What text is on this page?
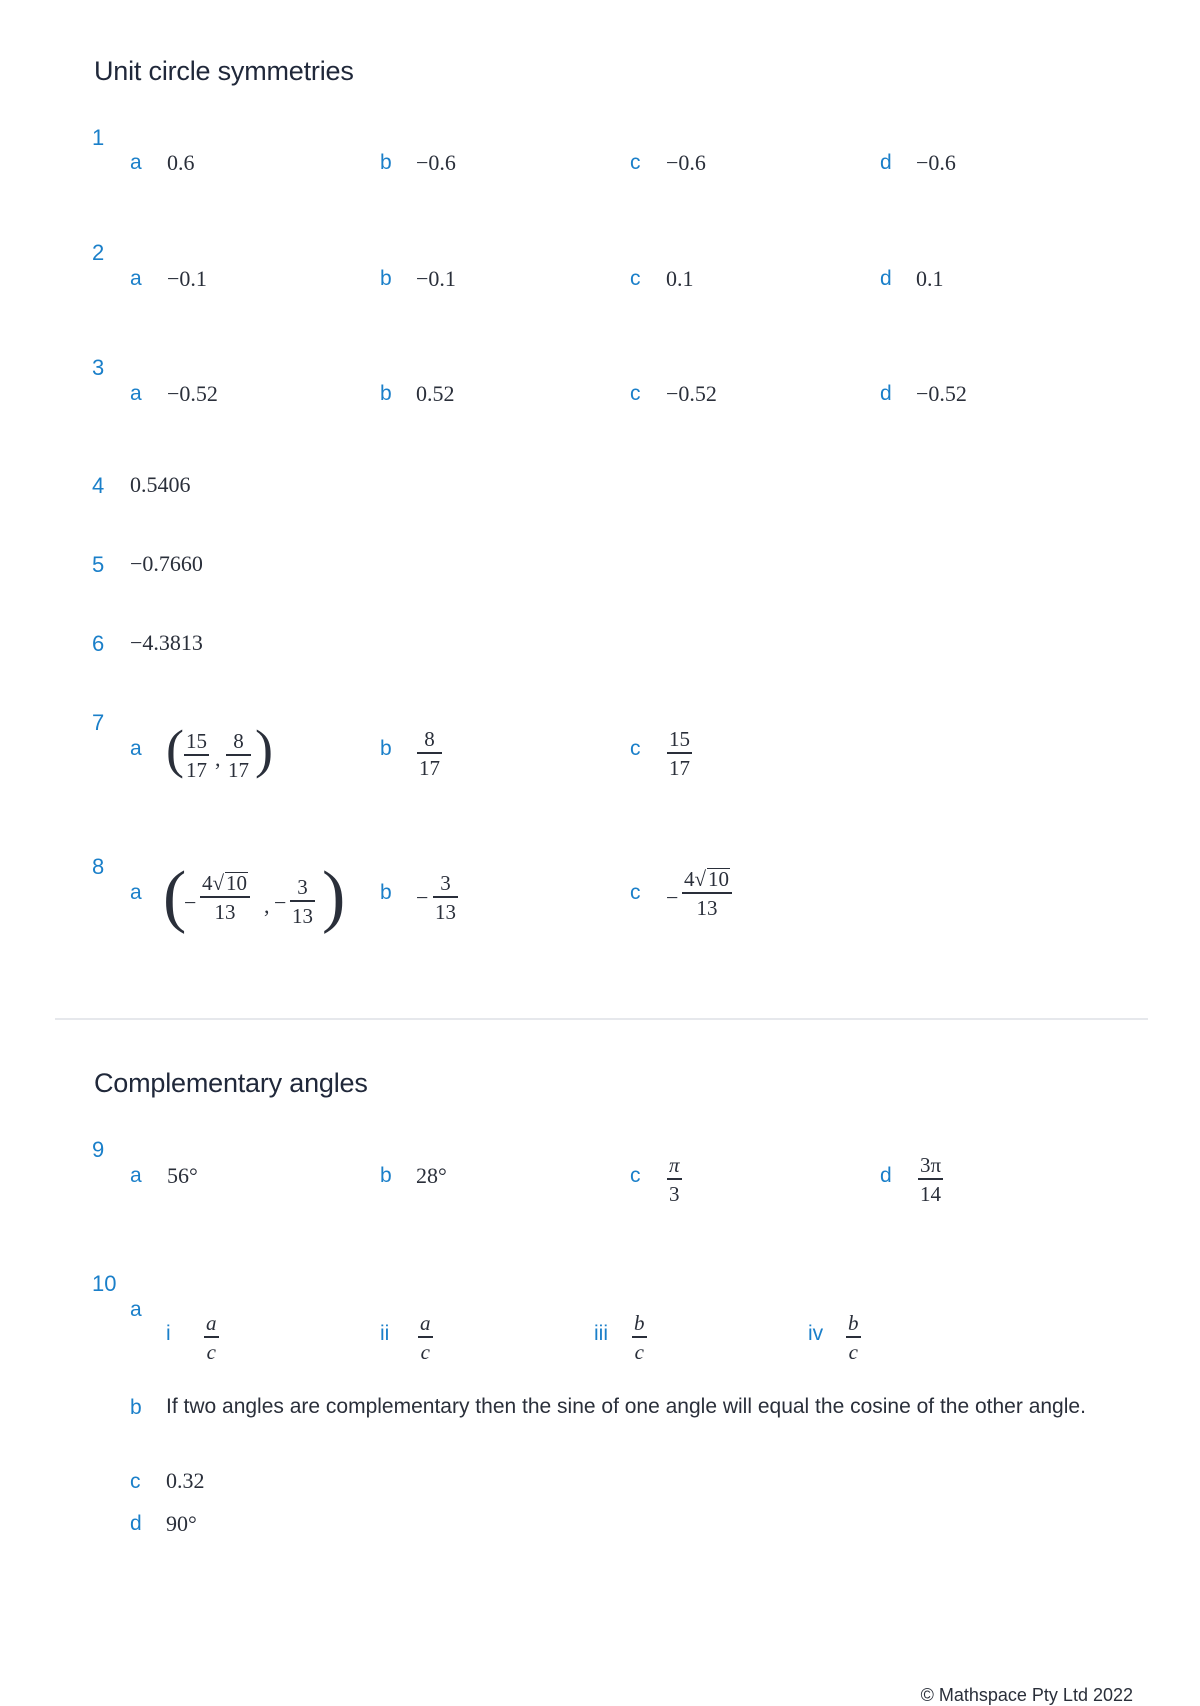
Unit circle symmetries
1
a 0.6	b −0.6	c −0.6	d −0.6
2
a −0.1	b −0.1	c 0.1	d 0.1
3
a −0.52	b 0.52	c −0.52	d −0.52
4 0.5406
5 −0.7660
6 −4.3813
7
a ( 15
17 ,
8
17 )	b 8
17
c 15
17
8
a (
−
4√10
13 , −
3
13 ) b −
3
13
c −
4√10
13
Complementary angles
9
a 56°	b 28°	c π
3
d 3π
14
10
a
i a
c
ii a
c
iii b
c
iv b
c
b If two angles are complementary then the sine of one angle will equal the cosine of the other angle.
c 0.32
d 90°
© Mathspace Pty Ltd 2022
